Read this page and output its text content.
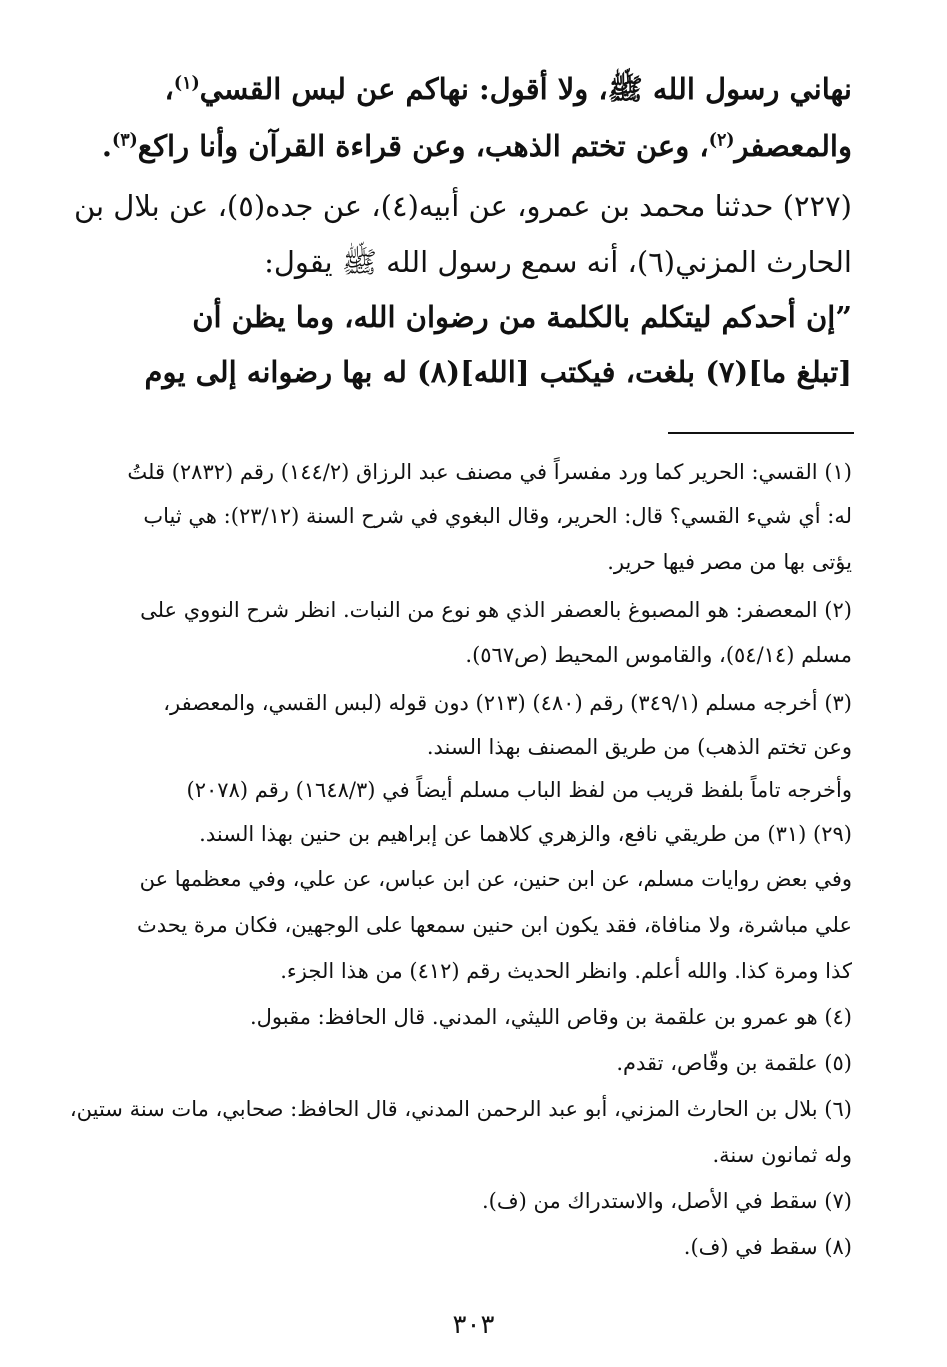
نهاني رسول الله ﷺ، ولا أقول: نهاكم عن لبس القسي$^{(١)}$،
والمعصفر$^{(٢)}$، وعن تختم الذهب، وعن قراءة القرآن وأنا راكع$^{(٣)}$.
(٢٢٧) حدثنا محمد بن عمرو، عن أبيه(٤)، عن جده(٥)، عن بلال بن
الحارث المزني(٦)، أنه سمع رسول الله ﷺ يقول:
”إن أحدكم ليتكلم بالكلمة من رضوان الله، وما يظن أن
[تبلغ ما](٧) بلغت، فيكتب [الله](٨) له بها رضوانه إلى يوم
(١) القسي: الحرير كما ورد مفسراً في مصنف عبد الرزاق (١٤٤/٢) رقم (٢٨٣٢) قلتُ
له: أي شيء القسي؟ قال: الحرير، وقال البغوي في شرح السنة (٢٣/١٢): هي ثياب
يؤتى بها من مصر فيها حرير.
(٢) المعصفر: هو المصبوغ بالعصفر الذي هو نوع من النبات. انظر شرح النووي على
مسلم (٥٤/١٤)، والقاموس المحيط (ص٥٦٧).
(٣) أخرجه مسلم (٣٤٩/١) رقم (٤٨٠) (٢١٣) دون قوله (لبس القسي، والمعصفر،
وعن تختم الذهب) من طريق المصنف بهذا السند.
وأخرجه تاماً بلفظ قريب من لفظ الباب مسلم أيضاً في (١٦٤٨/٣) رقم (٢٠٧٨)
(٢٩) (٣١) من طريقي نافع، والزهري كلاهما عن إبراهيم بن حنين بهذا السند.
وفي بعض روايات مسلم، عن ابن حنين، عن ابن عباس، عن علي، وفي معظمها عن
علي مباشرة، ولا منافاة، فقد يكون ابن حنين سمعها على الوجهين، فكان مرة يحدث
كذا ومرة كذا. والله أعلم. وانظر الحديث رقم (٤١٢) من هذا الجزء.
(٤) هو عمرو بن علقمة بن وقاص الليثي، المدني. قال الحافظ: مقبول.
(٥) علقمة بن وقّاص، تقدم.
(٦) بلال بن الحارث المزني، أبو عبد الرحمن المدني، قال الحافظ: صحابي، مات سنة ستين،
وله ثمانون سنة.
(٧) سقط في الأصل، والاستدراك من (ف).
(٨) سقط في (ف).
٣٠٣
